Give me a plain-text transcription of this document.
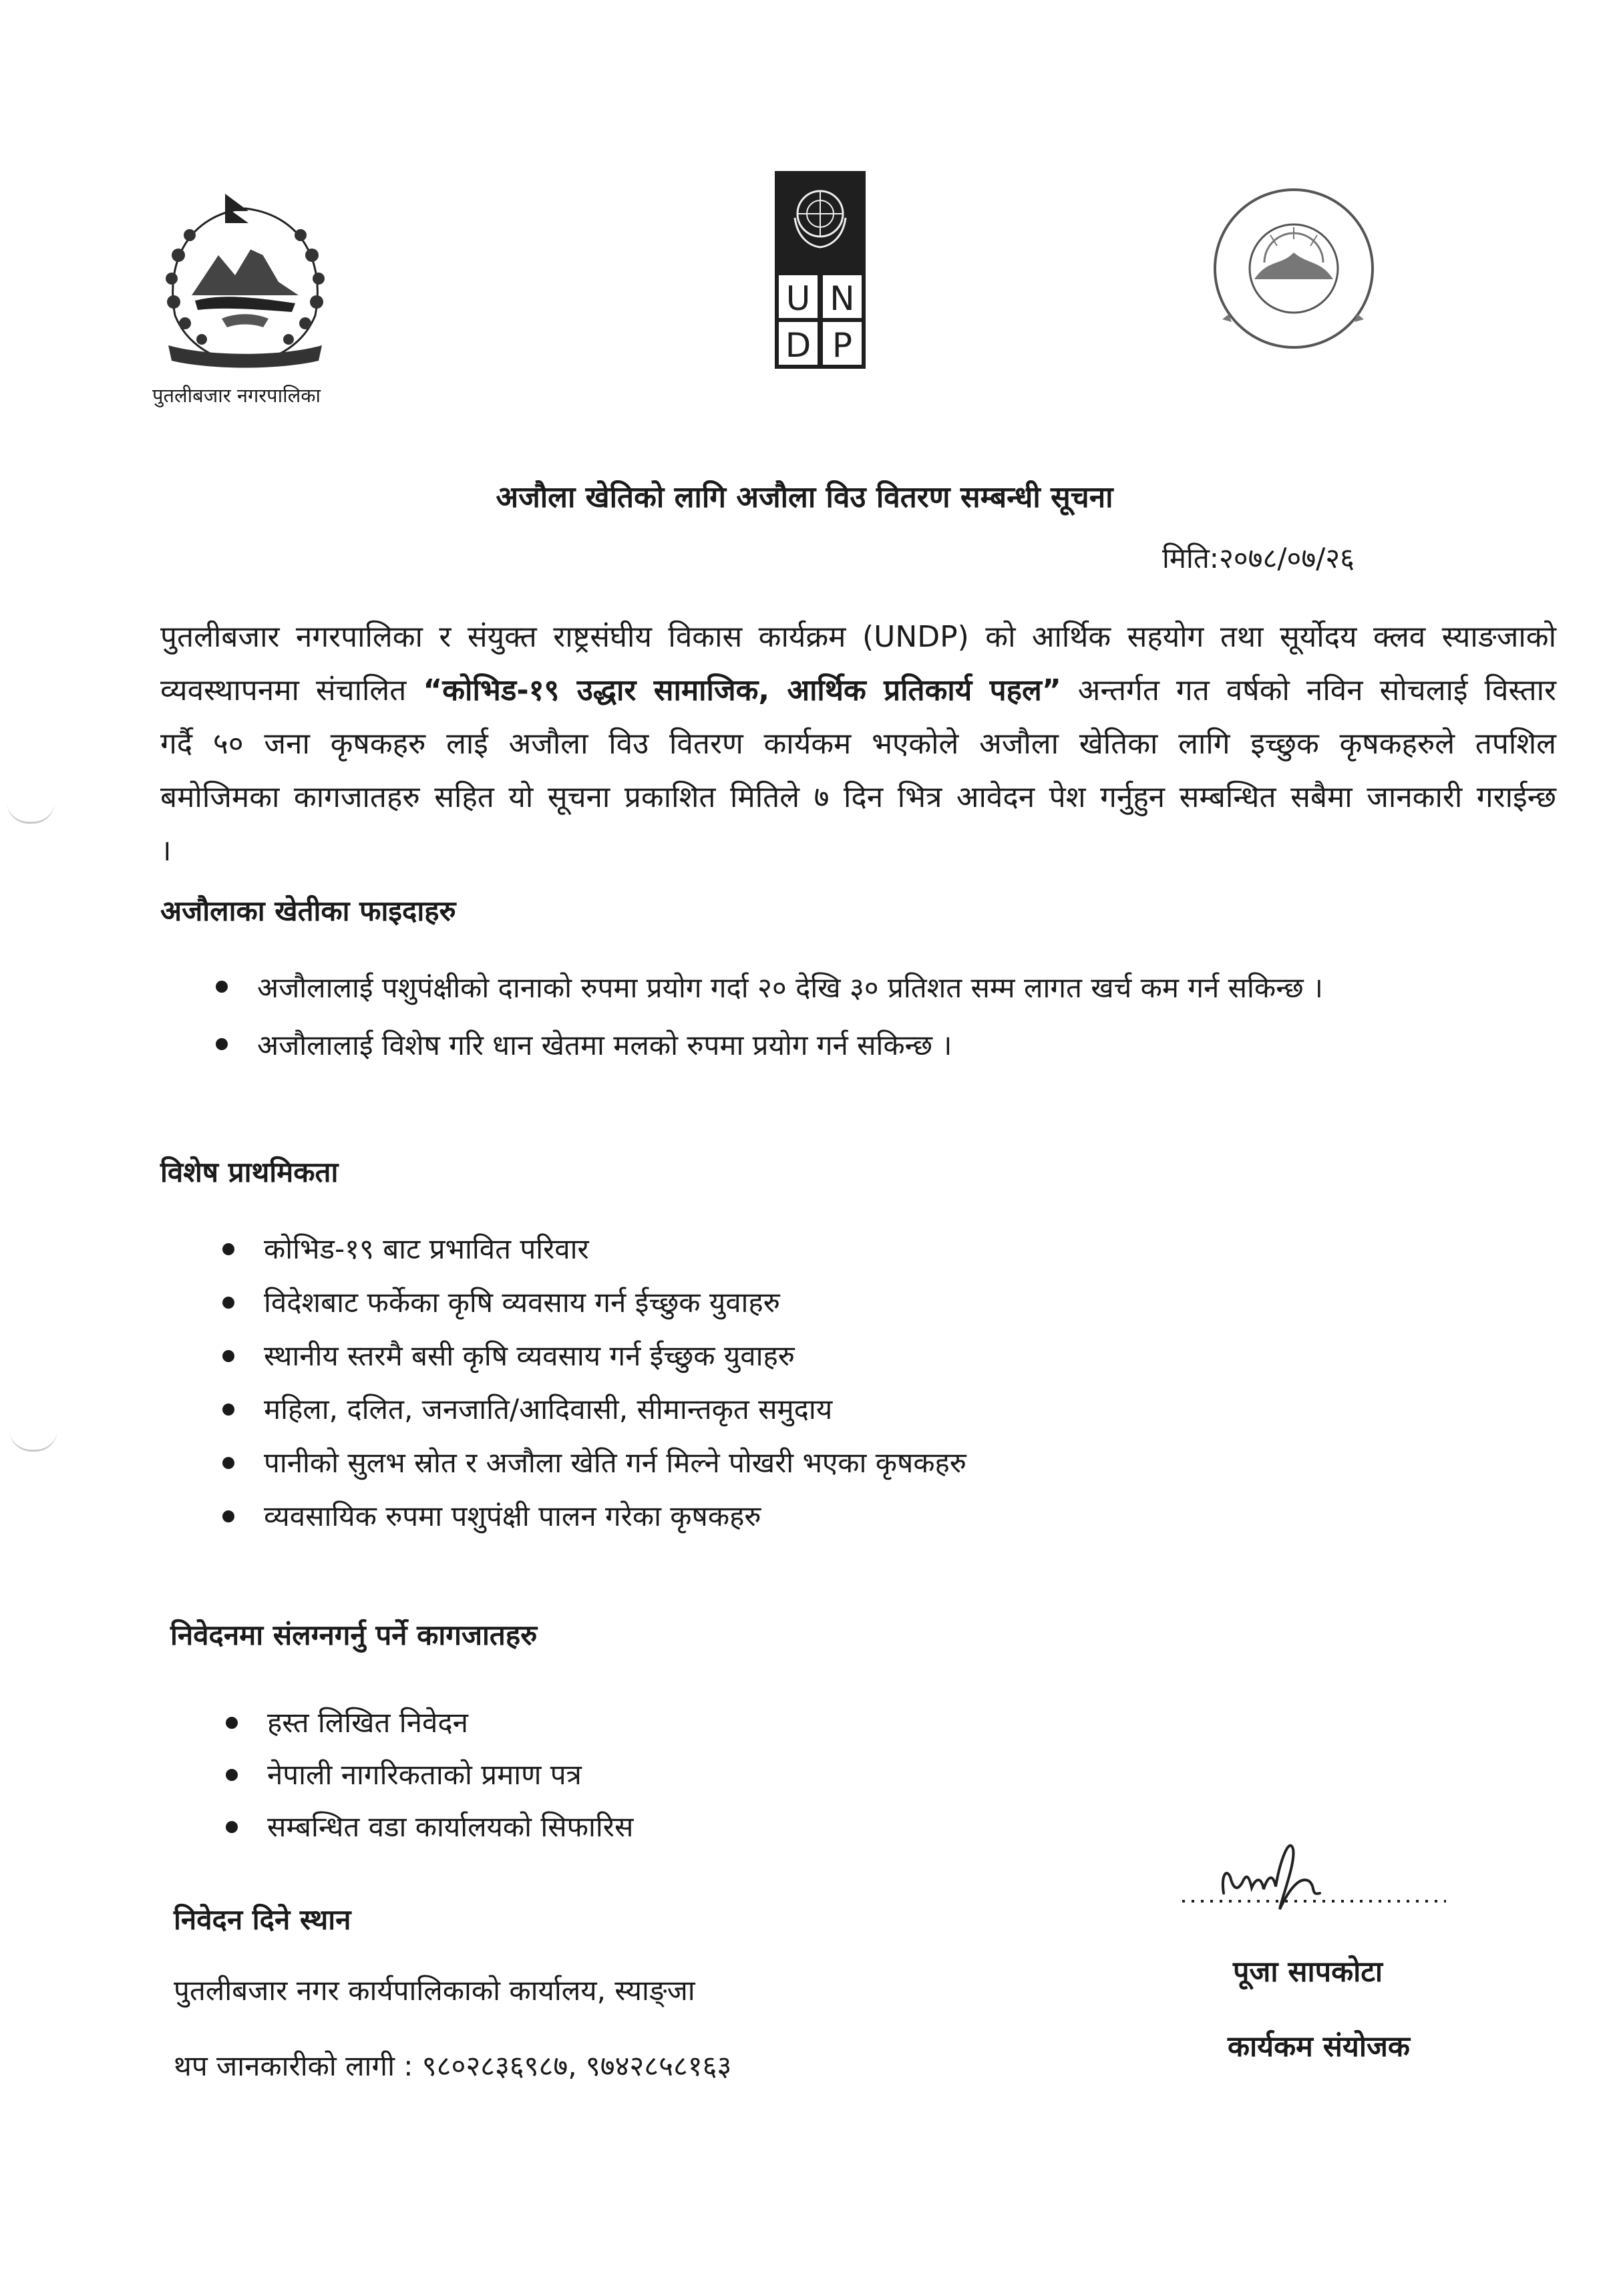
पुतलीबजार नगरपालिका
U N
D P
अजौला खेतिको लागि अजौला विउ वितरण सम्बन्धी सूचना
मिति:२०७८/०७/२६

पुतलीबजार नगरपालिका र संयुक्त राष्ट्रसंघीय विकास कार्यक्रम (UNDP) को आर्थिक सहयोग तथा सूर्योदय क्लव स्याङजाको व्यवस्थापनमा संचालित “कोभिड-१९ उद्धार सामाजिक, आर्थिक प्रतिकार्य पहल” अन्तर्गत गत वर्षको नविन सोचलाई विस्तार गर्दै ५० जना कृषकहरु लाई अजौला विउ वितरण कार्यकम भएकोले अजौला खेतिका लागि इच्छुक कृषकहरुले तपशिल बमोजिमका कागजातहरु सहित यो सूचना प्रकाशित मितिले ७ दिन भित्र आवेदन पेश गर्नुहुन सम्बन्धित सबैमा जानकारी गराईन्छ ।

अजौलाका खेतीका फाइदाहरु
अजौलालाई पशुपंक्षीको दानाको रुपमा प्रयोग गर्दा २० देखि ३० प्रतिशत सम्म लागत खर्च कम गर्न सकिन्छ ।
अजौलालाई विशेष गरि धान खेतमा मलको रुपमा प्रयोग गर्न सकिन्छ ।
विशेष प्राथमिकता
कोभिड-१९ बाट प्रभावित परिवार
विदेशबाट फर्केका कृषि व्यवसाय गर्न ईच्छुक युवाहरु
स्थानीय स्तरमै बसी कृषि व्यवसाय गर्न ईच्छुक युवाहरु
महिला, दलित, जनजाति/आदिवासी, सीमान्तकृत समुदाय
पानीको सुलभ स्रोत र अजौला खेति गर्न मिल्ने पोखरी भएका कृषकहरु
व्यवसायिक रुपमा पशुपंक्षी पालन गरेका कृषकहरु
निवेदनमा संलग्नगर्नु पर्ने कागजातहरु
हस्त लिखित निवेदन
नेपाली नागरिकताको प्रमाण पत्र
सम्बन्धित वडा कार्यालयको सिफारिस
निवेदन दिने स्थान
पुतलीबजार नगर कार्यपालिकाको कार्यालय, स्याङ्जा
थप जानकारीको लागी : ९८०२८३६९८७, ९७४२८५८१६३
पूजा सापकोटा
कार्यकम संयोजक
